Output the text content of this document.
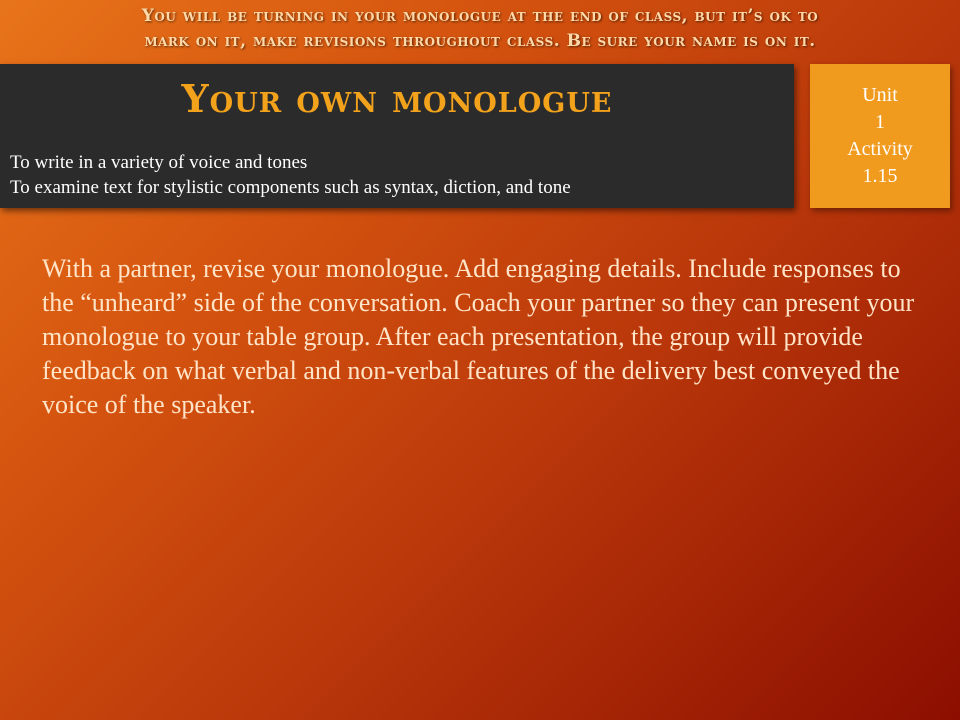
You will be turning in your monologue at the end of class, but it’s ok to
mark on it, make revisions throughout class. Be sure your name is on it.
Your own monologue
To write in a variety of voice and tones
To examine text for stylistic components such as syntax, diction, and tone
Unit
1
Activity
1.15
With a partner, revise your monologue. Add engaging details. Include responses to the “unheard” side of the conversation. Coach your partner so they can present your monologue to your table group. After each presentation, the group will provide feedback on what verbal and non-verbal features of the delivery best conveyed the voice of the speaker.
